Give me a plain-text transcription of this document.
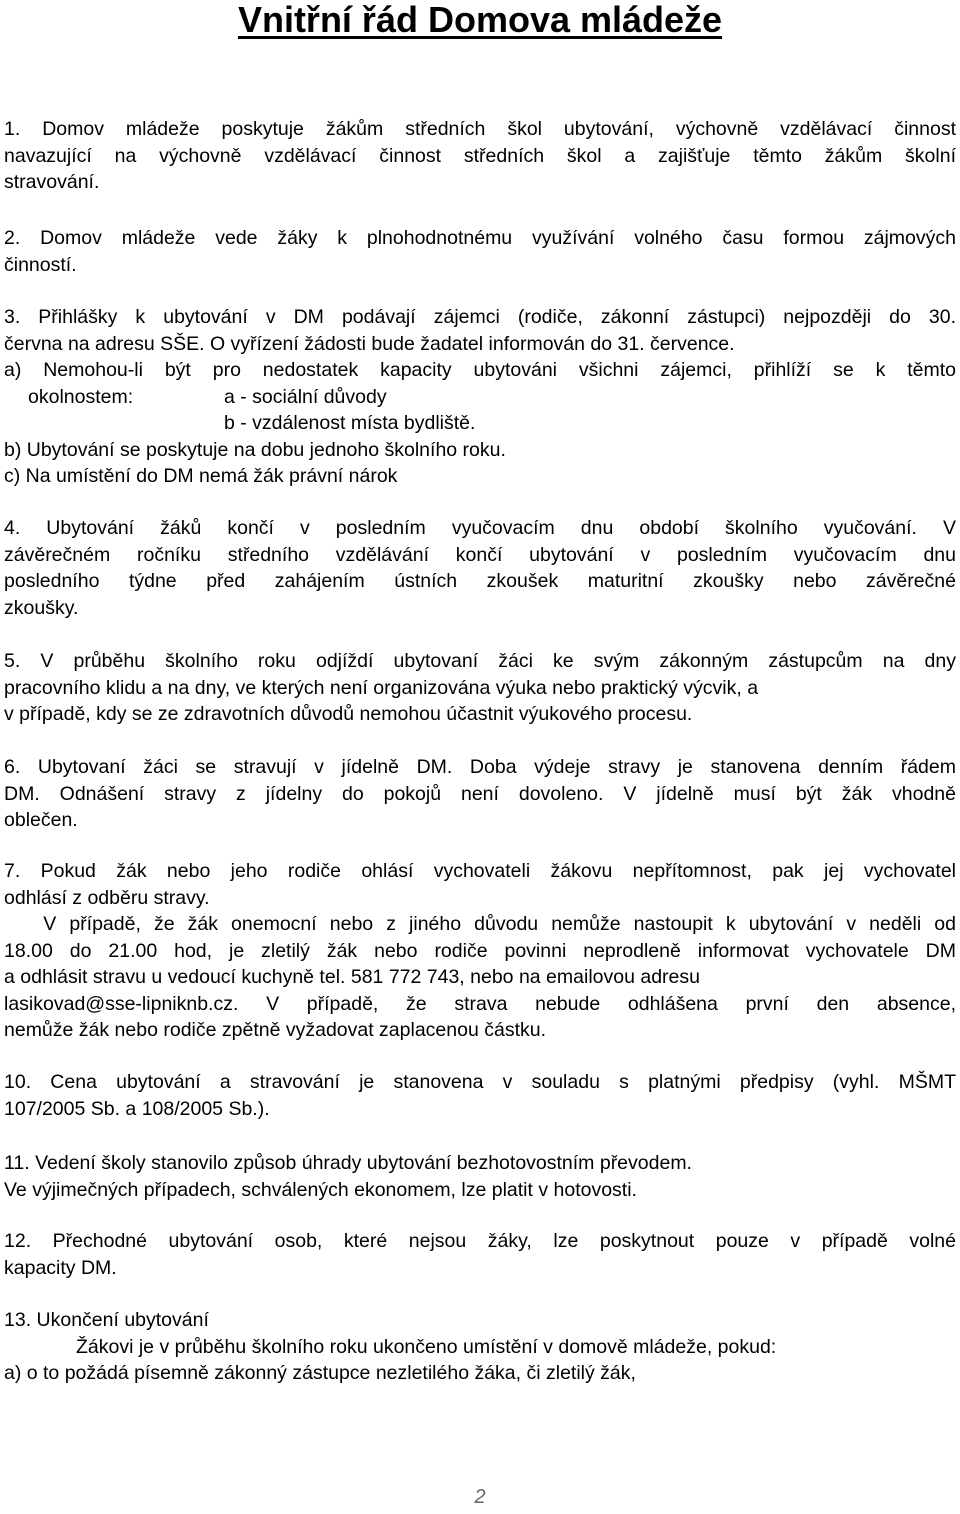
Vnitřní řád Domova mládeže
1. Domov mládeže poskytuje žákům středních škol ubytování, výchovně vzdělávací činnost
navazující na výchovně vzdělávací činnost středních škol a zajišťuje těmto žákům školní
stravování.
2. Domov mládeže vede žáky k plnohodnotnému využívání volného času formou zájmových
činností.
3. Přihlášky k ubytování v DM podávají zájemci (rodiče, zákonní zástupci) nejpozději do 30.
června na adresu SŠE. O vyřízení žádosti bude žadatel informován do 31. července.
a) Nemohou-li být pro nedostatek kapacity ubytováni všichni zájemci, přihlíží se k těmto
okolnostem:	a - sociální důvody
b - vzdálenost místa bydliště.
b) Ubytování se poskytuje na dobu jednoho školního roku.
c) Na umístění do DM nemá žák právní nárok
4. Ubytování žáků končí v posledním vyučovacím dnu období školního vyučování. V
závěrečném ročníku středního vzdělávání končí ubytování v posledním vyučovacím dnu
posledního týdne před zahájením ústních zkoušek maturitní zkoušky nebo závěrečné
zkoušky.
5. V průběhu školního roku odjíždí ubytovaní žáci ke svým zákonným zástupcům na dny
pracovního klidu a na dny, ve kterých není organizována výuka nebo praktický výcvik, a
v případě, kdy se ze zdravotních důvodů nemohou účastnit výukového procesu.
6. Ubytovaní žáci se stravují v jídelně DM. Doba výdeje stravy je stanovena denním řádem
DM. Odnášení stravy z jídelny do pokojů není dovoleno. V jídelně musí být žák vhodně
oblečen.
7. Pokud žák nebo jeho rodiče ohlásí vychovateli žákovu nepřítomnost, pak jej vychovatel
odhlásí z odběru stravy.
V případě, že žák onemocní nebo z jiného důvodu nemůže nastoupit k ubytování v neděli od
18.00 do 21.00 hod, je zletilý žák nebo rodiče povinni neprodleně informovat vychovatele DM
a odhlásit stravu u vedoucí kuchyně tel. 581 772 743, nebo na emailovou adresu
lasikovad@sse-lipniknb.cz. V případě, že strava nebude odhlášena první den absence,
nemůže žák nebo rodiče zpětně vyžadovat zaplacenou částku.
10. Cena ubytování a stravování je stanovena v souladu s platnými předpisy (vyhl. MŠMT
107/2005 Sb. a 108/2005 Sb.).
11. Vedení školy stanovilo způsob úhrady ubytování bezhotovostním převodem.
Ve výjimečných případech, schválených ekonomem, lze platit v hotovosti.
12. Přechodné ubytování osob, které nejsou žáky, lze poskytnout pouze v případě volné
kapacity DM.
13. Ukončení ubytování
Žákovi je v průběhu školního roku ukončeno umístění v domově mládeže, pokud:
a) o to požádá písemně zákonný zástupce nezletilého žáka, či zletilý žák,
2
